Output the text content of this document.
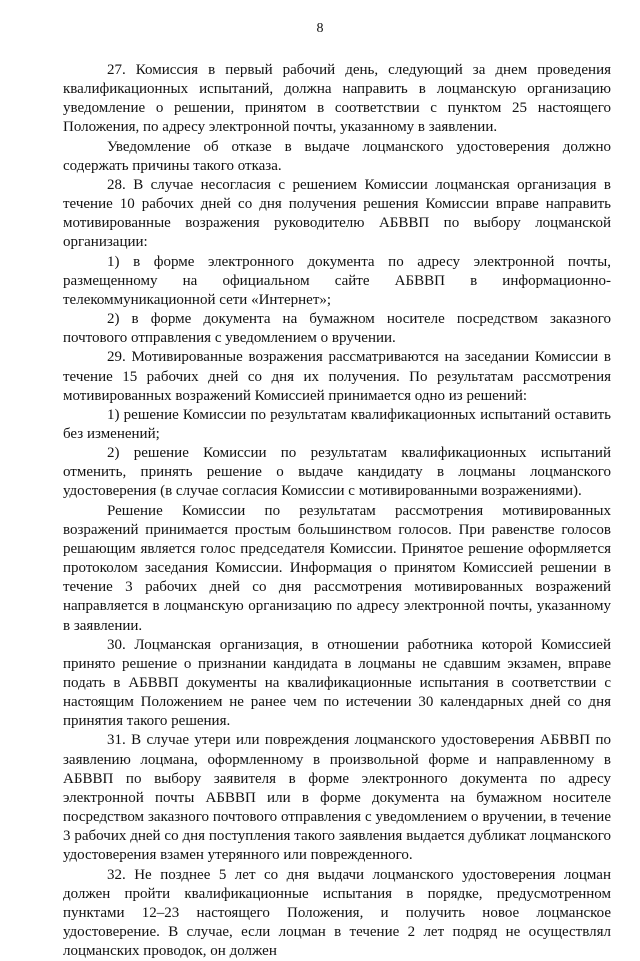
8

27. Комиссия в первый рабочий день, следующий за днем проведения квалификационных испытаний, должна направить в лоцманскую организацию уведомление о решении, принятом в соответствии с пунктом 25 настоящего Положения, по адресу электронной почты, указанному в заявлении.

Уведомление об отказе в выдаче лоцманского удостоверения должно содержать причины такого отказа.

28. В случае несогласия с решением Комиссии лоцманская организация в течение 10 рабочих дней со дня получения решения Комиссии вправе направить мотивированные возражения руководителю АБВВП по выбору лоцманской организации:

1) в форме электронного документа по адресу электронной почты, размещенному на официальном сайте АБВВП в информационно-телекоммуникационной сети «Интернет»;

2) в форме документа на бумажном носителе посредством заказного почтового отправления с уведомлением о вручении.

29. Мотивированные возражения рассматриваются на заседании Комиссии в течение 15 рабочих дней со дня их получения. По результатам рассмотрения мотивированных возражений Комиссией принимается одно из решений:

1) решение Комиссии по результатам квалификационных испытаний оставить без изменений;

2) решение Комиссии по результатам квалификационных испытаний отменить, принять решение о выдаче кандидату в лоцманы лоцманского удостоверения (в случае согласия Комиссии с мотивированными возражениями).

Решение Комиссии по результатам рассмотрения мотивированных возражений принимается простым большинством голосов. При равенстве голосов решающим является голос председателя Комиссии. Принятое решение оформляется протоколом заседания Комиссии. Информация о принятом Комиссией решении в течение 3 рабочих дней со дня рассмотрения мотивированных возражений направляется в лоцманскую организацию по адресу электронной почты, указанному в заявлении.

30. Лоцманская организация, в отношении работника которой Комиссией принято решение о признании кандидата в лоцманы не сдавшим экзамен, вправе подать в АБВВП документы на квалификационные испытания в соответствии с настоящим Положением не ранее чем по истечении 30 календарных дней со дня принятия такого решения.

31. В случае утери или повреждения лоцманского удостоверения АБВВП по заявлению лоцмана, оформленному в произвольной форме и направленному в АБВВП по выбору заявителя в форме электронного документа по адресу электронной почты АБВВП или в форме документа на бумажном носителе посредством заказного почтового отправления с уведомлением о вручении, в течение 3 рабочих дней со дня поступления такого заявления выдается дубликат лоцманского удостоверения взамен утерянного или поврежденного.

32. Не позднее 5 лет со дня выдачи лоцманского удостоверения лоцман должен пройти квалификационные испытания в порядке, предусмотренном пунктами 12–23 настоящего Положения, и получить новое лоцманское удостоверение. В случае, если лоцман в течение 2 лет подряд не осуществлял лоцманских проводок, он должен
